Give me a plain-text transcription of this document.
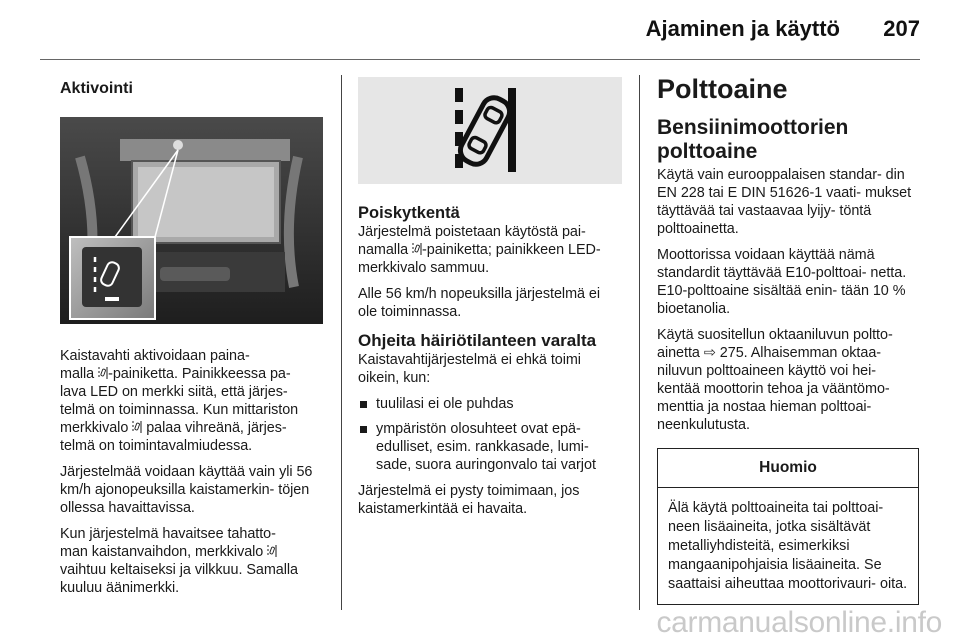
Ajaminen ja käyttö 207
Aktivointi

Kaistavahti aktivoidaan paina-
malla -painiketta. Painikkeessa pa-
lava LED on merkki siitä, että järjes-
telmä on toiminnassa. Kun mittariston
merkkivalo palaa vihreänä, järjes-
telmä on toimintavalmiudessa.

Järjestelmää voidaan käyttää vain yli 56 km/h ajonopeuksilla kaistamerkin- töjen ollessa havaittavissa.

Kun järjestelmä havaitsee tahatto-
man kaistanvaihdon, merkkivalo
vaihtuu keltaiseksi ja vilkkuu. Samalla kuuluu äänimerkki.

Poiskytkentä

Järjestelmä poistetaan käytöstä pai-
namalla -painiketta; painikkeen LED-merkkivalo sammuu.

Alle 56 km/h nopeuksilla järjestelmä ei ole toiminnassa.

Ohjeita häiriötilanteen varalta

Kaistavahtijärjestelmä ei ehkä toimi oikein, kun:

tuulilasi ei ole puhdas
ympäristön olosuhteet ovat epä- edulliset, esim. rankkasade, lumi- sade, suora auringonvalo tai varjot

Järjestelmä ei pysty toimimaan, jos kaistamerkintää ei havaita.

Polttoaine
Bensiinimoottorien polttoaine

Käytä vain eurooppalaisen standar- din EN 228 tai E DIN 51626-1 vaati- mukset täyttävää tai vastaavaa lyijy- töntä polttoainetta.

Moottorissa voidaan käyttää nämä standardit täyttävää E10-polttoai- netta. E10-polttoaine sisältää enin- tään 10 % bioetanolia.

Käytä suositellun oktaaniluvun poltto-
ainetta ⇨ 275. Alhaisemman oktaa- niluvun polttoaineen käyttö voi hei- kentää moottorin tehoa ja vääntömo- menttia ja nostaa hieman polttoai- neenkulutusta.

Huomio
Älä käytä polttoaineita tai polttoai- neen lisäaineita, jotka sisältävät metalliyhdisteitä, esimerkiksi mangaanipohjaisia lisäaineita. Se saattaisi aiheuttaa moottorivauri- oita.
carmanualsonline.info
